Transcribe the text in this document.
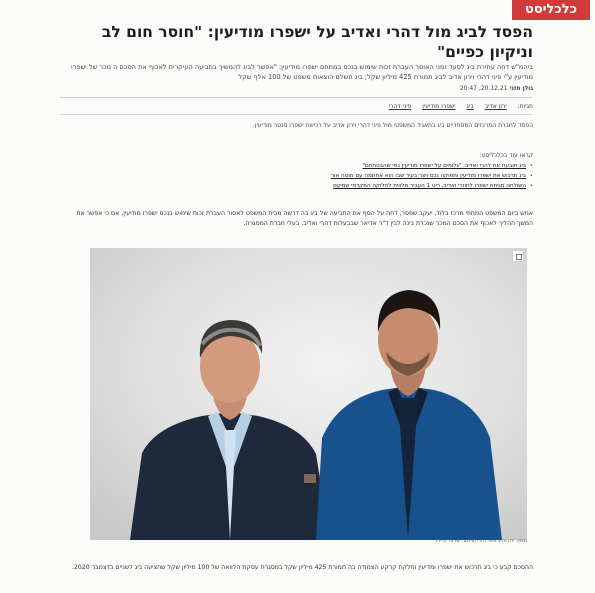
כלכליסט
הפסד לביג מול דהרי ואדיב על ישפרו מודיעין: "חוסר חום לב וניקיון כפיים"

ביהמ"ש דחה עתירת ביג לסעד זמני האוסר העברת זכות שימוש בנכס במתחם ישפרו מודיעין: "אפשר לביג להמשיך בתביעה העיקרית לאכוף את הסכם ה מכר של ישפרו מודיעין ע"י פיני דהרי וירון אדיב לביג תמורת 425 מיליון שקל; ביג תשלם הוצאות משפט של 100 אלף שקל

גולן חזני 20.12.21, 20:47
תגיות: ירון אדיב ביג ישפרו מודיעין פיני דהרי

הפסד לחברת המרכזים המסחריים ביג בתאגיד המשפטי מול פיני דהרי וירון אדיב על רכישת ישפרו סנטר מודיעין.

קראו עוד בכלכליסט:
• ביג תובעת את דהרי ואדיב: "גלומים על ישפרו מודיעין כפי שהבטחתם"
• ביג תרכוש את ישפרו מודיעין ותפוקה נכס ויצר בעיר שבו הוא אחתמה עם מוטה אור
• השולחנו מגיחת ישפרו לחוזרי ואדיב, ריט 1 העביר מלווית לחלוקה המקדמי שמיעם

אמש ביום המשפט המחוזי מרכז בלוד, יעקב שפסר, דחה על הסף את התביעה של ביג בה דרשה מבית המשפט לאסור העברת זכות שימוש בנכס ישפרו מודיעין, אם כי אפשר את המשך ההליך לאכוף את הסכם המכר שנכרת בינה לבין ד"ר אדיאר שבבעלות דהרי ואדיב, בעלי חברת המסגרה.

מימין: ירון אדיב ופיני דהרי (צילום: ישראל הריר)

ההסכם קבע כי ביג תרכוש את ישפרו ומדיעין וחלקת קרקע הצמודה בה תמורת 425 מיליון שקל במסגרת עסקת הלוואה של 100 מיליון שקל שהציעה ביג לשניים בדצמבר 2020.
